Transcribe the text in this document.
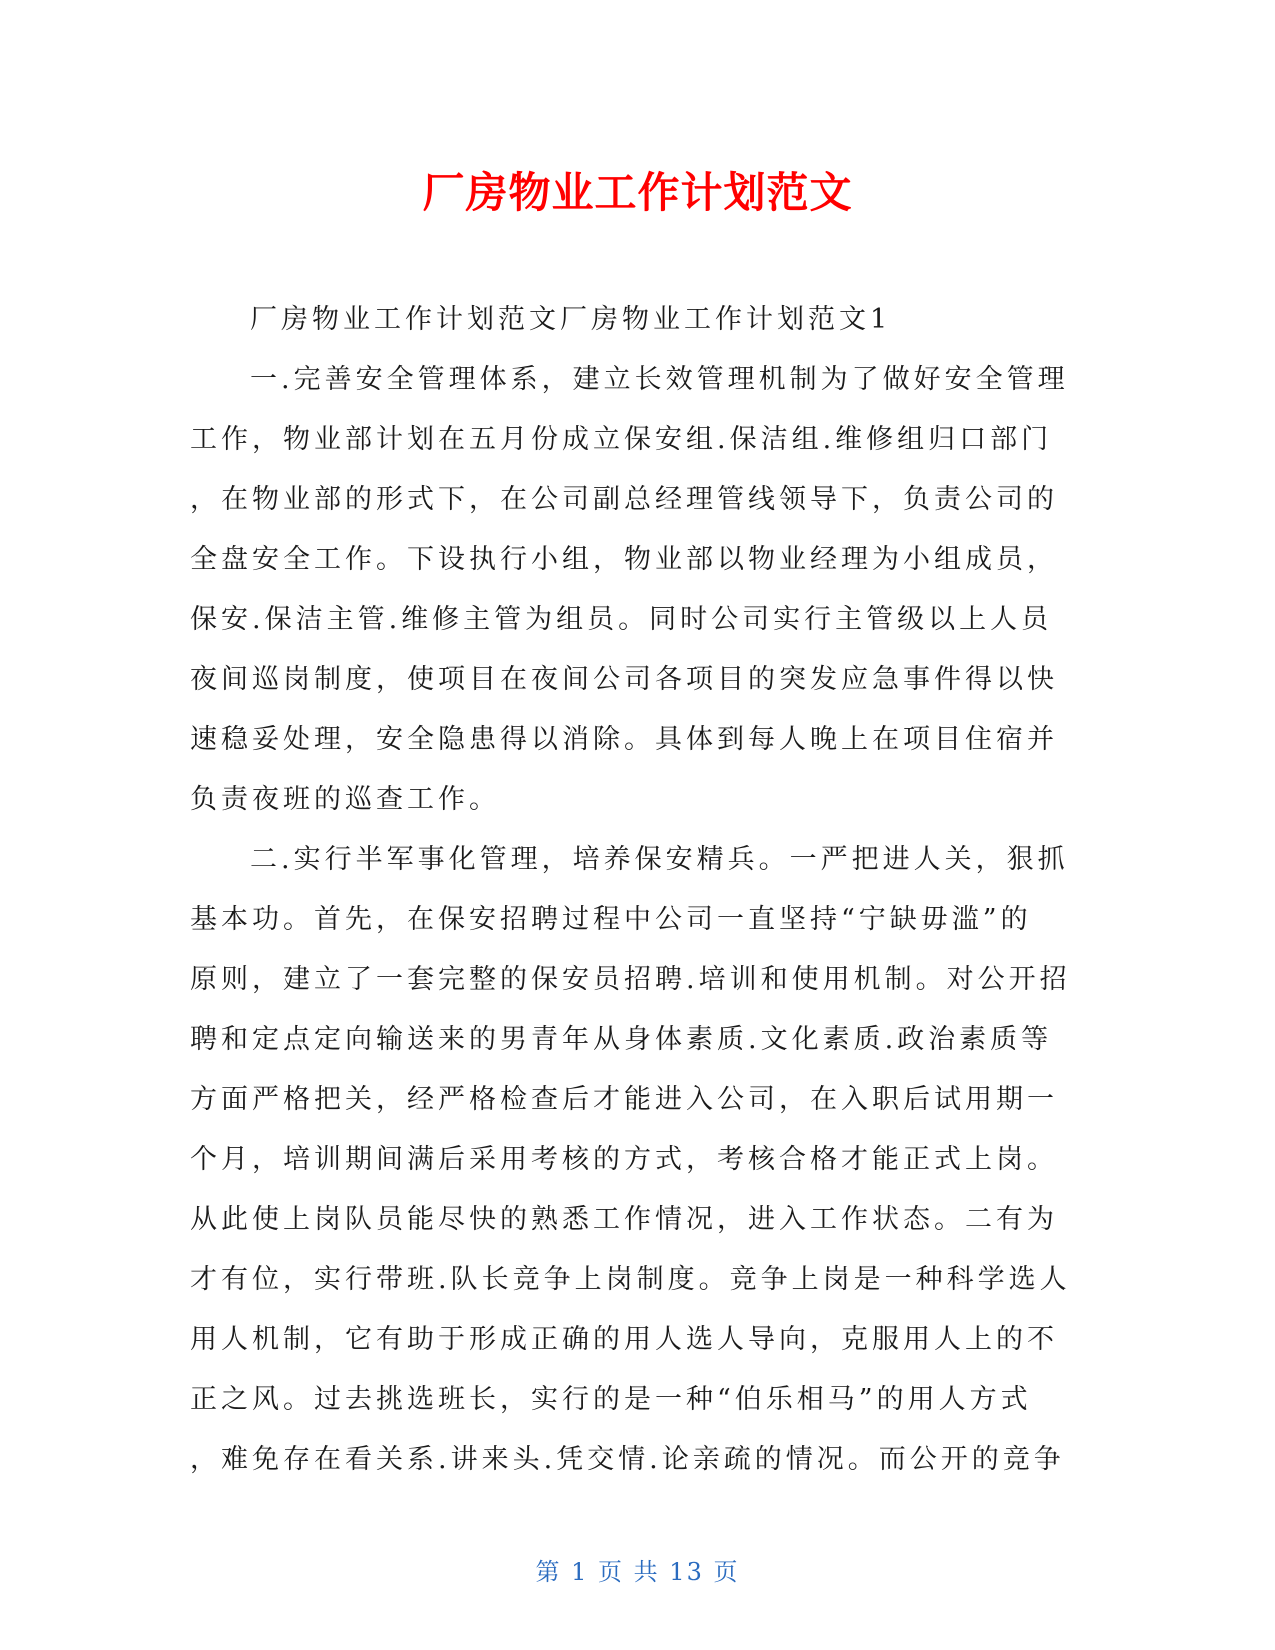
厂房物业工作计划范文
厂房物业工作计划范文厂房物业工作计划范文1
一.完善安全管理体系，建立长效管理机制为了做好安全管理
工作，物业部计划在五月份成立保安组.保洁组.维修组归口部门
，在物业部的形式下，在公司副总经理管线领导下，负责公司的
全盘安全工作。下设执行小组，物业部以物业经理为小组成员，
保安.保洁主管.维修主管为组员。同时公司实行主管级以上人员
夜间巡岗制度，使项目在夜间公司各项目的突发应急事件得以快
速稳妥处理，安全隐患得以消除。具体到每人晚上在项目住宿并
负责夜班的巡查工作。
二.实行半军事化管理，培养保安精兵。一严把进人关，狠抓
基本功。首先，在保安招聘过程中公司一直坚持“宁缺毋滥”的
原则，建立了一套完整的保安员招聘.培训和使用机制。对公开招
聘和定点定向输送来的男青年从身体素质.文化素质.政治素质等
方面严格把关，经严格检查后才能进入公司，在入职后试用期一
个月，培训期间满后采用考核的方式，考核合格才能正式上岗。
从此使上岗队员能尽快的熟悉工作情况，进入工作状态。二有为
才有位，实行带班.队长竞争上岗制度。竞争上岗是一种科学选人
用人机制，它有助于形成正确的用人选人导向，克服用人上的不
正之风。过去挑选班长，实行的是一种“伯乐相马”的用人方式
，难免存在看关系.讲来头.凭交情.论亲疏的情况。而公开的竞争
第 1 页 共 13 页
